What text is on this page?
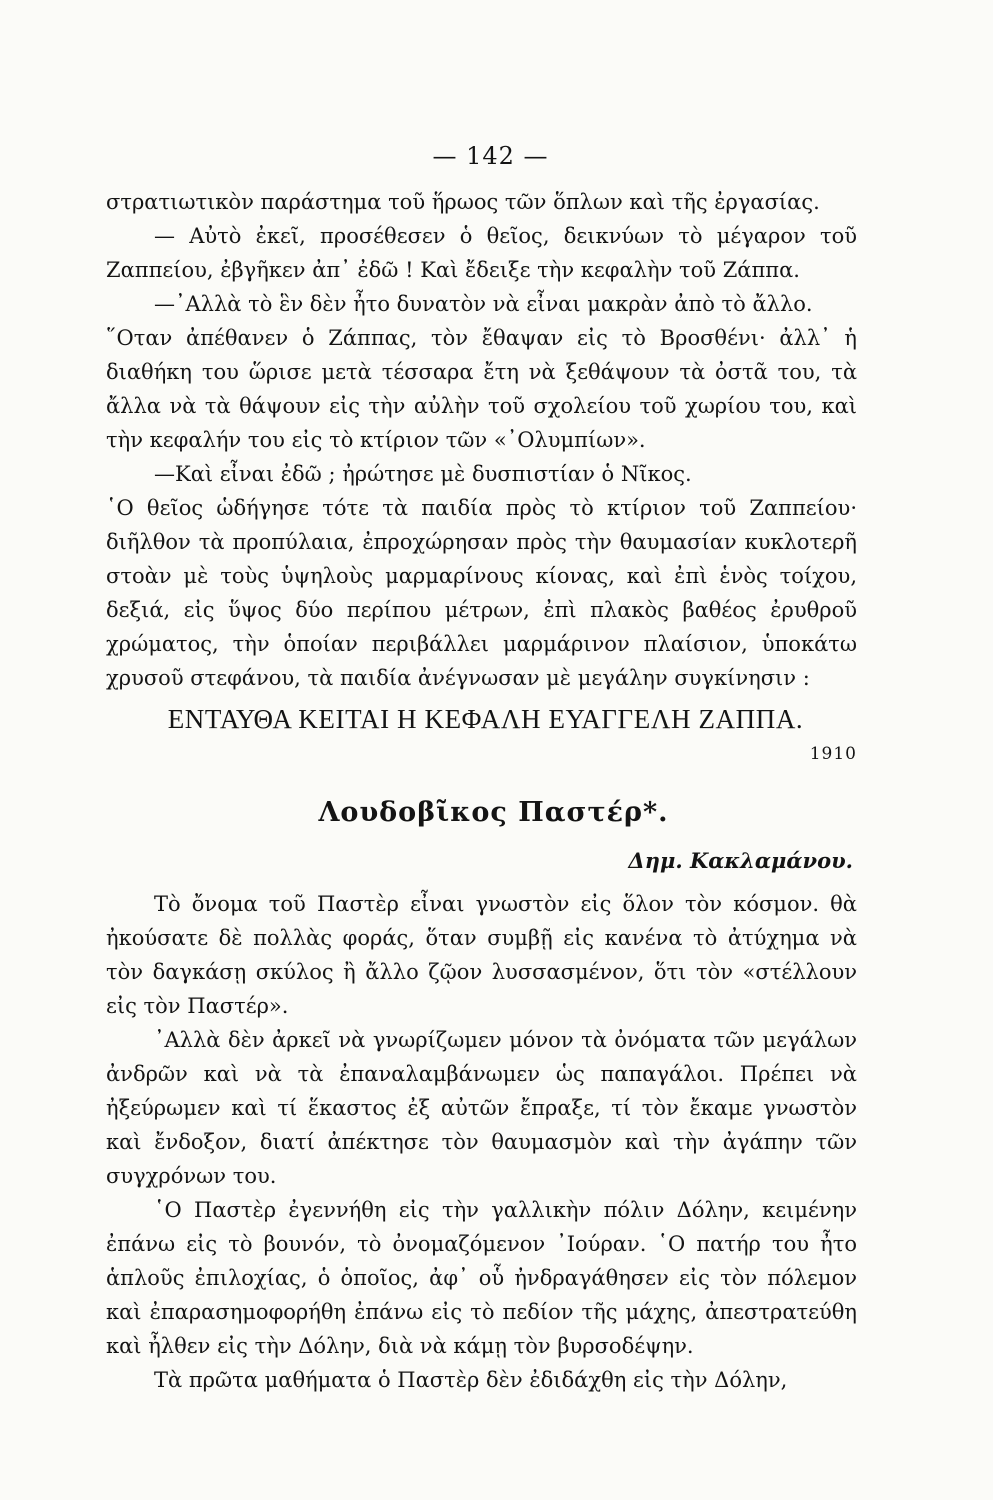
— 142 —

στρατιωτικὸν παράστημα τοῦ ἥρωος τῶν ὅπλων καὶ τῆς ἐργασίας.

— Αὐτὸ ἐκεῖ, προσέθεσεν ὁ θεῖος, δεικνύων τὸ μέγαρον τοῦ Ζαππείου, ἐβγῆκεν ἀπ᾽ ἐδῶ ! Καὶ ἔδειξε τὴν κεφαλὴν τοῦ Ζάππα.

—᾽Αλλὰ τὸ ἓν δὲν ἦτο δυνατὸν νὰ εἶναι μακρὰν ἀπὸ τὸ ἄλλο.

῞Οταν ἀπέθανεν ὁ Ζάππας, τὸν ἔθαψαν εἰς τὸ Βροσθένι· ἀλλ᾽ ἡ διαθήκη του ὥρισε μετὰ τέσσαρα ἔτη νὰ ξεθάψουν τὰ ὀστᾶ του, τὰ ἄλλα νὰ τὰ θάψουν εἰς τὴν αὐλὴν τοῦ σχολείου τοῦ χωρίου του, καὶ τὴν κεφαλήν του εἰς τὸ κτίριον τῶν «᾽Ολυμπίων».

—Καὶ εἶναι ἐδῶ ; ἠρώτησε μὲ δυσπιστίαν ὁ Νῖκος.

῾Ο θεῖος ὡδήγησε τότε τὰ παιδία πρὸς τὸ κτίριον τοῦ Ζαππείου· διῆλθον τὰ προπύλαια, ἐπροχώρησαν πρὸς τὴν θαυμασίαν κυκλοτερῆ στοὰν μὲ τοὺς ὑψηλοὺς μαρμαρίνους κίονας, καὶ ἐπὶ ἑνὸς τοίχου, δεξιά, εἰς ὕψος δύο περίπου μέτρων, ἐπὶ πλακὸς βαθέος ἐρυθροῦ χρώματος, τὴν ὁποίαν περιβάλλει μαρμάρινον πλαίσιον, ὑποκάτω χρυσοῦ στεφάνου, τὰ παιδία ἀνέγνωσαν μὲ μεγάλην συγκίνησιν :

ΕΝΤΑΥΘΑ ΚΕΙΤΑΙ Η ΚΕΦΑΛΗ ΕΥΑΓΓΕΛΗ ΖΑΠΠΑ.
1910
Λουδοβῖκος Παστέρ*.
Δημ. Κακλαμάνου.

Τὸ ὄνομα τοῦ Παστὲρ εἶναι γνωστὸν εἰς ὅλον τὸν κόσμον. θὰ ἠκούσατε δὲ πολλὰς φοράς, ὅταν συμβῇ εἰς κανένα τὸ ἀτύχημα νὰ τὸν δαγκάσῃ σκύλος ἢ ἄλλο ζῷον λυσσασμένον, ὅτι τὸν «στέλλουν εἰς τὸν Παστέρ».

᾽Αλλὰ δὲν ἀρκεῖ νὰ γνωρίζωμεν μόνον τὰ ὀνόματα τῶν μεγάλων ἀνδρῶν καὶ νὰ τὰ ἐπαναλαμβάνωμεν ὡς παπαγάλοι. Πρέπει νὰ ἠξεύρωμεν καὶ τί ἕκαστος ἐξ αὐτῶν ἔπραξε, τί τὸν ἔκαμε γνωστὸν καὶ ἔνδοξον, διατί ἀπέκτησε τὸν θαυμασμὸν καὶ τὴν ἀγάπην τῶν συγχρόνων του.

῾Ο Παστὲρ ἐγεννήθη εἰς τὴν γαλλικὴν πόλιν Δόλην, κειμένην ἐπάνω εἰς τὸ βουνόν, τὸ ὀνομαζόμενον ᾽Ιούραν. ῾Ο πατήρ του ἦτο ἁπλοῦς ἐπιλοχίας, ὁ ὁποῖος, ἀφ᾽ οὗ ἠνδραγάθησεν εἰς τὸν πόλεμον καὶ ἐπαρασημοφορήθη ἐπάνω εἰς τὸ πεδίον τῆς μάχης, ἀπεστρατεύθη καὶ ἦλθεν εἰς τὴν Δόλην, διὰ νὰ κάμῃ τὸν βυρσοδέψην.

Τὰ πρῶτα μαθήματα ὁ Παστὲρ δὲν ἐδιδάχθη εἰς τὴν Δόλην,
